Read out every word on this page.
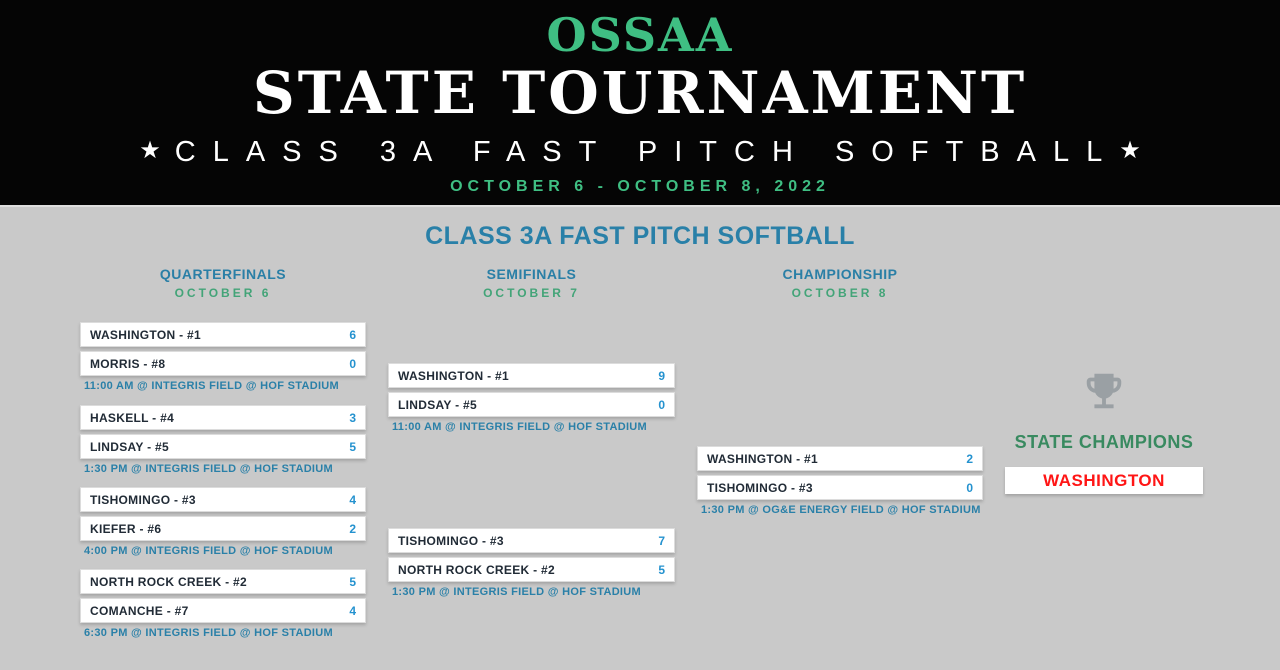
OSSAA
STATE TOURNAMENT
★ CLASS 3A FAST PITCH SOFTBALL★
OCTOBER 6 - OCTOBER 8, 2022
CLASS 3A FAST PITCH SOFTBALL
QUARTERFINALS
OCTOBER 6
SEMIFINALS
OCTOBER 7
CHAMPIONSHIP
OCTOBER 8
WASHINGTON - #1	6
MORRIS - #8	0
11:00 AM @ INTEGRIS FIELD @ HOF STADIUM
HASKELL - #4	3
LINDSAY - #5	5
1:30 PM @ INTEGRIS FIELD @ HOF STADIUM
TISHOMINGO - #3	4
KIEFER - #6	2
4:00 PM @ INTEGRIS FIELD @ HOF STADIUM
NORTH ROCK CREEK - #2	5
COMANCHE - #7	4
6:30 PM @ INTEGRIS FIELD @ HOF STADIUM
WASHINGTON - #1	9
LINDSAY - #5	0
11:00 AM @ INTEGRIS FIELD @ HOF STADIUM
TISHOMINGO - #3	7
NORTH ROCK CREEK - #2	5
1:30 PM @ INTEGRIS FIELD @ HOF STADIUM
WASHINGTON - #1	2
TISHOMINGO - #3	0
1:30 PM @ OG&E ENERGY FIELD @ HOF STADIUM
STATE CHAMPIONS
WASHINGTON
